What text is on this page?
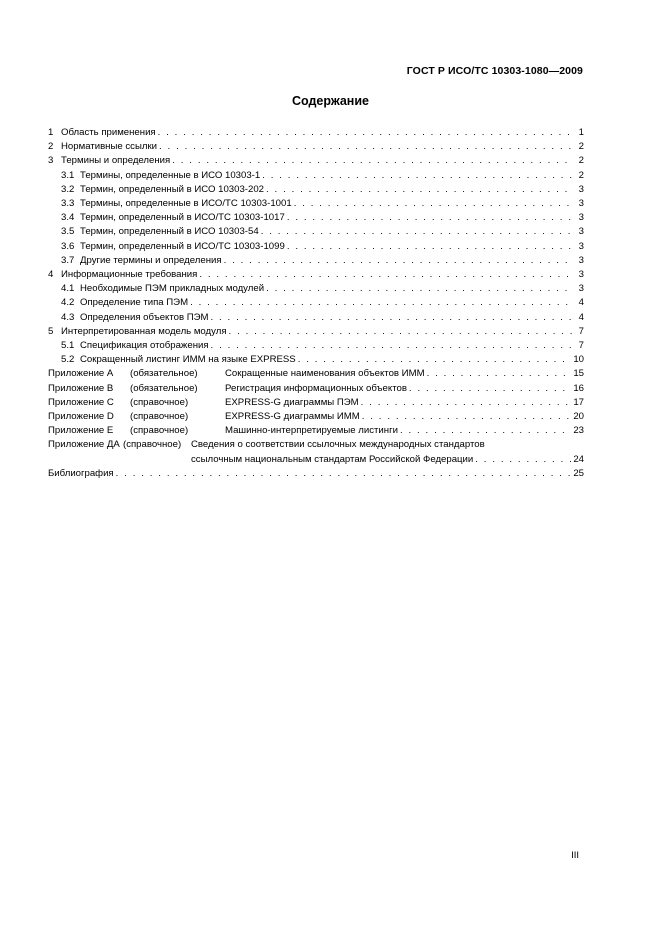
ГОСТ Р ИСО/ТС 10303-1080—2009
Содержание
1 Область применения . . .	1
2 Нормативные ссылки . . .	2
3 Термины и определения . . .	2
3.1 Термины, определенные в ИСО 10303-1 . . .	2
3.2 Термин, определенный в ИСО 10303-202 . . .	3
3.3 Термины, определенные в ИСО/ТС 10303-1001 . . .	3
3.4 Термин, определенный в ИСО/ТС 10303-1017 . . .	3
3.5 Термин, определенный в ИСО 10303-54 . . .	3
3.6 Термин, определенный в ИСО/ТС 10303-1099 . . .	3
3.7 Другие термины и определения . . .	3
4 Информационные требования . . .	3
4.1 Необходимые ПЭМ прикладных модулей . . .	3
4.2 Определение типа ПЭМ . . .	4
4.3 Определения объектов ПЭМ . . .	4
5 Интерпретированная модель модуля . . .	7
5.1 Спецификация отображения . . .	7
5.2 Сокращенный листинг ИММ на языке EXPRESS . . .	10
Приложение А	(обязательное)	Сокращенные наименования объектов ИММ . . .	15
Приложение В	(обязательное)	Регистрация информационных объектов . . .	16
Приложение С	(справочное)	EXPRESS-G диаграммы ПЭМ . . .	17
Приложение D	(справочное)	EXPRESS-G диаграммы ИММ . . .	20
Приложение E	(справочное)	Машинно-интерпретируемые листинги . . .	23
Приложение ДА (справочное)	Сведения о соответствии ссылочных международных стандартов
ссылочным национальным стандартам Российской Федерации . . .	24
Библиография . . .	25
III
